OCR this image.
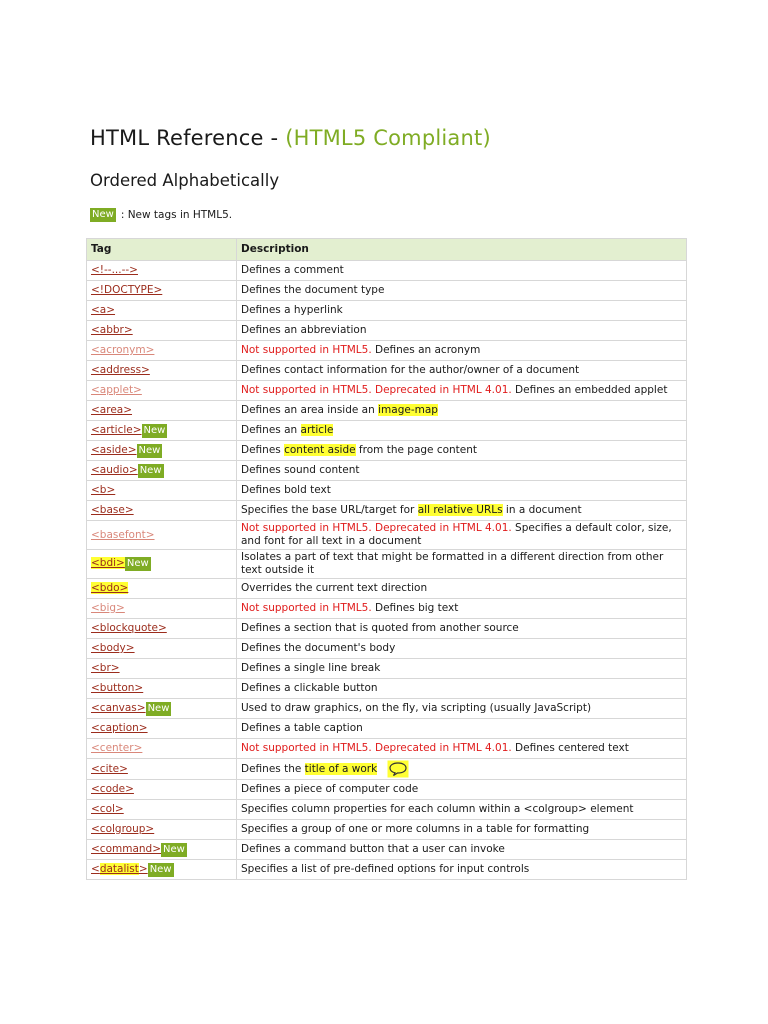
HTML Reference - (HTML5 Compliant)
Ordered Alphabetically
New : New tags in HTML5.
Tag	Description
<!--...-->	Defines a comment
<!DOCTYPE>	Defines the document type
<a>	Defines a hyperlink
<abbr>	Defines an abbreviation
<acronym>	Not supported in HTML5. Defines an acronym
<address>	Defines contact information for the author/owner of a document
<applet>	Not supported in HTML5. Deprecated in HTML 4.01. Defines an embedded applet
<area>	Defines an area inside an image-map
<article> New	Defines an article
<aside> New	Defines content aside from the page content
<audio> New	Defines sound content
<b>	Defines bold text
<base>	Specifies the base URL/target for all relative URLs in a document
<basefont>	Not supported in HTML5. Deprecated in HTML 4.01. Specifies a default color, size, and font for all text in a document
<bdi> New	Isolates a part of text that might be formatted in a different direction from other text outside it
<bdo>	Overrides the current text direction
<big>	Not supported in HTML5. Defines big text
<blockquote>	Defines a section that is quoted from another source
<body>	Defines the document's body
<br>	Defines a single line break
<button>	Defines a clickable button
<canvas> New	Used to draw graphics, on the fly, via scripting (usually JavaScript)
<caption>	Defines a table caption
<center>	Not supported in HTML5. Deprecated in HTML 4.01. Defines centered text
<cite>	Defines the title of a work
<code>	Defines a piece of computer code
<col>	Specifies column properties for each column within a <colgroup> element
<colgroup>	Specifies a group of one or more columns in a table for formatting
<command> New	Defines a command button that a user can invoke
<datalist> New	Specifies a list of pre-defined options for input controls
